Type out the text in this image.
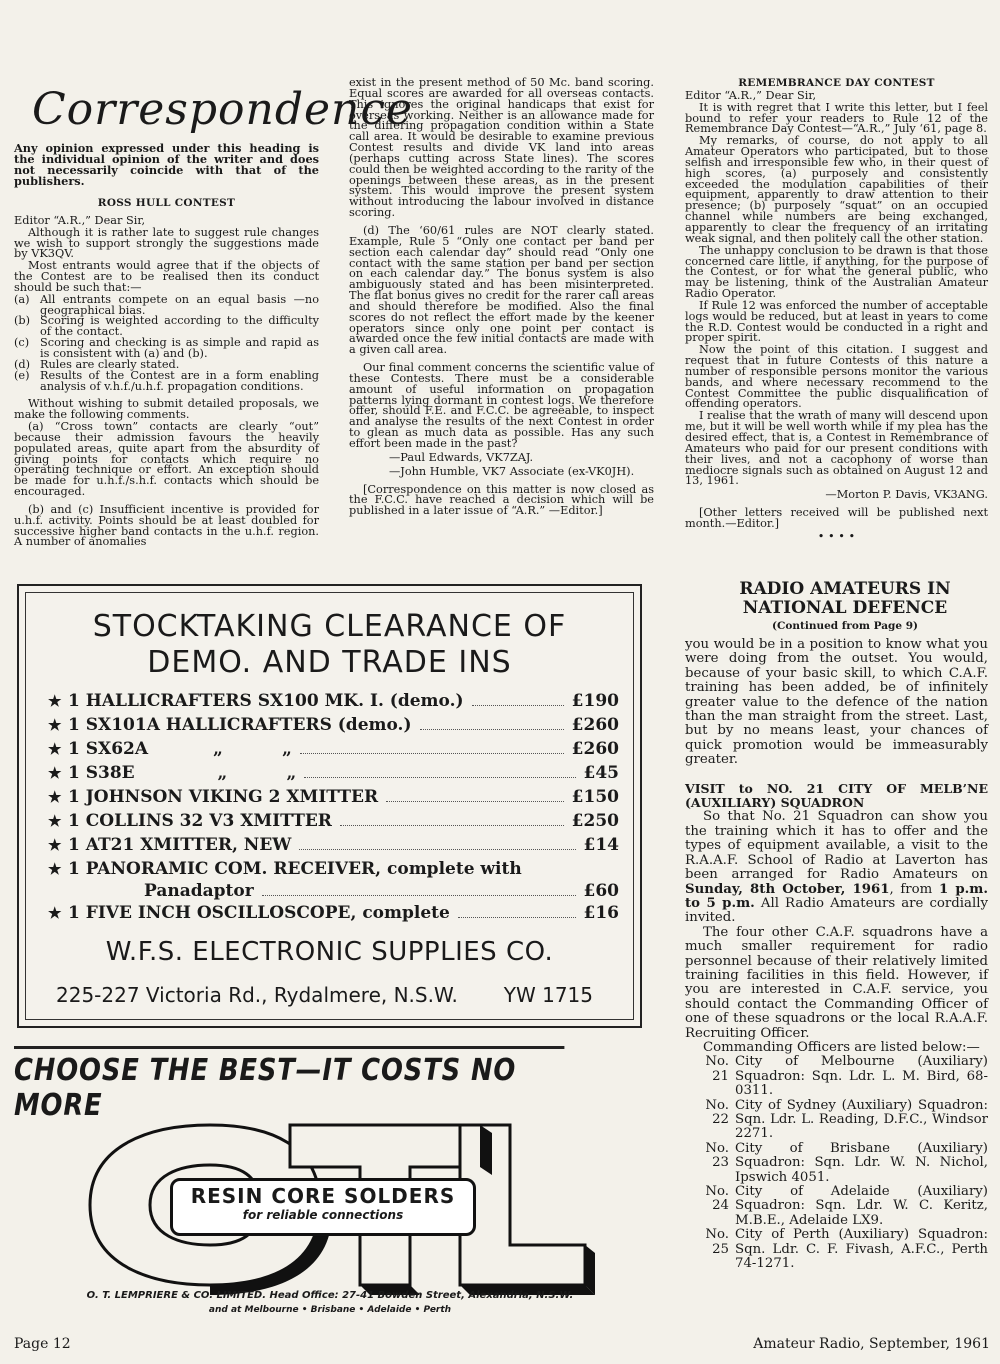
Correspondence
Any opinion expressed under this heading is the individual opinion of the writer and does not necessarily coincide with that of the publishers.
ROSS HULL CONTEST

Editor “A.R.,” Dear Sir,

Although it is rather late to suggest rule changes we wish to support strongly the suggestions made by VK3QV.

Most entrants would agree that if the objects of the Contest are to be realised then its conduct should be such that:—

(a) All entrants compete on an equal basis —no geographical bias.
(b) Scoring is weighted according to the difficulty of the contact.
(c) Scoring and checking is as simple and rapid as is consistent with (a) and (b).
(d) Rules are clearly stated.
(e) Results of the Contest are in a form enabling analysis of v.h.f./u.h.f. propagation conditions.

Without wishing to submit detailed proposals, we make the following comments.

(a) “Cross town” contacts are clearly “out” because their admission favours the heavily populated areas, quite apart from the absurdity of giving points for contacts which require no operating technique or effort. An exception should be made for u.h.f./s.h.f. contacts which should be encouraged.

(b) and (c) Insufficient incentive is provided for u.h.f. activity. Points should be at least doubled for successive higher band contacts in the u.h.f. region. A number of anomalies

exist in the present method of 50 Mc. band scoring. Equal scores are awarded for all overseas contacts. This ignores the original handicaps that exist for overseas working. Neither is an allowance made for the differing propagation condition within a State call area. It would be desirable to examine previous Contest results and divide VK land into areas (perhaps cutting across State lines). The scores could then be weighted according to the rarity of the openings between these areas, as in the present system. This would improve the present system without introducing the labour involved in distance scoring.

(d) The ‘60/61 rules are NOT clearly stated. Example, Rule 5 “Only one contact per band per section each calendar day” should read “Only one contact with the same station per band per section on each calendar day.” The bonus system is also ambiguously stated and has been misinterpreted. The flat bonus gives no credit for the rarer call areas and should therefore be modified. Also the final scores do not reflect the effort made by the keener operators since only one point per contact is awarded once the few initial contacts are made with a given call area.

Our final comment concerns the scientific value of these Contests. There must be a considerable amount of useful information on propagation patterns lying dormant in contest logs. We therefore offer, should F.E. and F.C.C. be agreeable, to inspect and analyse the results of the next Contest in order to glean as much data as possible. Has any such effort been made in the past?

—Paul Edwards, VK7ZAJ.

—John Humble, VK7 Associate (ex-VK0JH).

[Correspondence on this matter is now closed as the F.C.C. have reached a decision which will be published in a later issue of “A.R.” —Editor.]

REMEMBRANCE DAY CONTEST

Editor “A.R.,” Dear Sir,

It is with regret that I write this letter, but I feel bound to refer your readers to Rule 12 of the Remembrance Day Contest—“A.R.,” July ‘61, page 8.

My remarks, of course, do not apply to all Amateur Operators who participated, but to those selfish and irresponsible few who, in their quest of high scores, (a) purposely and consistently exceeded the modulation capabilities of their equipment, apparently to draw attention to their presence; (b) purposely “squat” on an occupied channel while numbers are being exchanged, apparently to clear the frequency of an irritating weak signal, and then politely call the other station.

The unhappy conclusion to be drawn is that those concerned care little, if anything, for the purpose of the Contest, or for what the general public, who may be listening, think of the Australian Amateur Radio Operator.

If Rule 12 was enforced the number of acceptable logs would be reduced, but at least in years to come the R.D. Contest would be conducted in a right and proper spirit.

Now the point of this citation. I suggest and request that in future Contests of this nature a number of responsible persons monitor the various bands, and where necessary recommend to the Contest Committee the public disqualification of offending operators.

I realise that the wrath of many will descend upon me, but it will be well worth while if my plea has the desired effect, that is, a Contest in Remembrance of Amateurs who paid for our present conditions with their lives, and not a cacophony of worse than mediocre signals such as obtained on August 12 and 13, 1961.

—Morton P. Davis, VK3ANG.

[Other letters received will be published next month.—Editor.]

• • • •
STOCKTAKING CLEARANCE OF
DEMO. AND TRADE INS
★ 1 HALLICRAFTERS SX100 MK. I. (demo.)	£190
★ 1 SX101A HALLICRAFTERS (demo.)	£260
★ 1 SX62A           „          „	£260
★ 1 S38E              „          „	£45
★ 1 JOHNSON VIKING 2 XMITTER	£150
★ 1 COLLINS 32 V3 XMITTER	£250
★ 1 AT21 XMITTER, NEW	£14
★ 1 PANORAMIC COM. RECEIVER, complete with
Panadaptor	£60
★ 1 FIVE INCH OSCILLOSCOPE, complete	£16
W.F.S. ELECTRONIC SUPPLIES CO.
225-227 Victoria Rd., Rydalmere, N.S.W. YW 1715
CHOOSE THE BEST—IT COSTS NO MORE
RESIN CORE SOLDERS
for reliable connections
O. T. LEMPRIERE & CO. LIMITED. Head Office: 27-41 Bowden Street, Alexandria, N.S.W.
and at Melbourne • Brisbane • Adelaide • Perth
RADIO AMATEURS IN NATIONAL DEFENCE
(Continued from Page 9)

you would be in a position to know what you were doing from the outset. You would, because of your basic skill, to which C.A.F. training has been added, be of infinitely greater value to the defence of the nation than the man straight from the street. Last, but by no means least, your chances of quick promotion would be immeasurably greater.

VISIT to NO. 21 CITY OF MELB’NE (AUXILIARY) SQUADRON

So that No. 21 Squadron can show you the training which it has to offer and the types of equipment available, a visit to the R.A.A.F. School of Radio at Laverton has been arranged for Radio Amateurs on Sunday, 8th October, 1961, from 1 p.m. to 5 p.m. All Radio Amateurs are cordially invited.

The four other C.A.F. squadrons have a much smaller requirement for radio personnel because of their relatively limited training facilities in this field. However, if you are interested in C.A.F. service, you should contact the Commanding Officer of one of these squadrons or the local R.A.A.F. Recruiting Officer.

Commanding Officers are listed below:—

No. 21
City of Melbourne (Auxiliary) Squadron: Sqn. Ldr. L. M. Bird, 68-0311.
No. 22
City of Sydney (Auxiliary) Squadron: Sqn. Ldr. L. Reading, D.F.C., Windsor 2271.
No. 23
City of Brisbane (Auxiliary) Squadron: Sqn. Ldr. W. N. Nichol, Ipswich 4051.
No. 24
City of Adelaide (Auxiliary) Squadron: Sqn. Ldr. W. C. Keritz, M.B.E., Adelaide LX9.
No. 25
City of Perth (Auxiliary) Squadron: Sqn. Ldr. C. F. Fivash, A.F.C., Perth 74-1271.
Page 12	Amateur Radio, September, 1961
